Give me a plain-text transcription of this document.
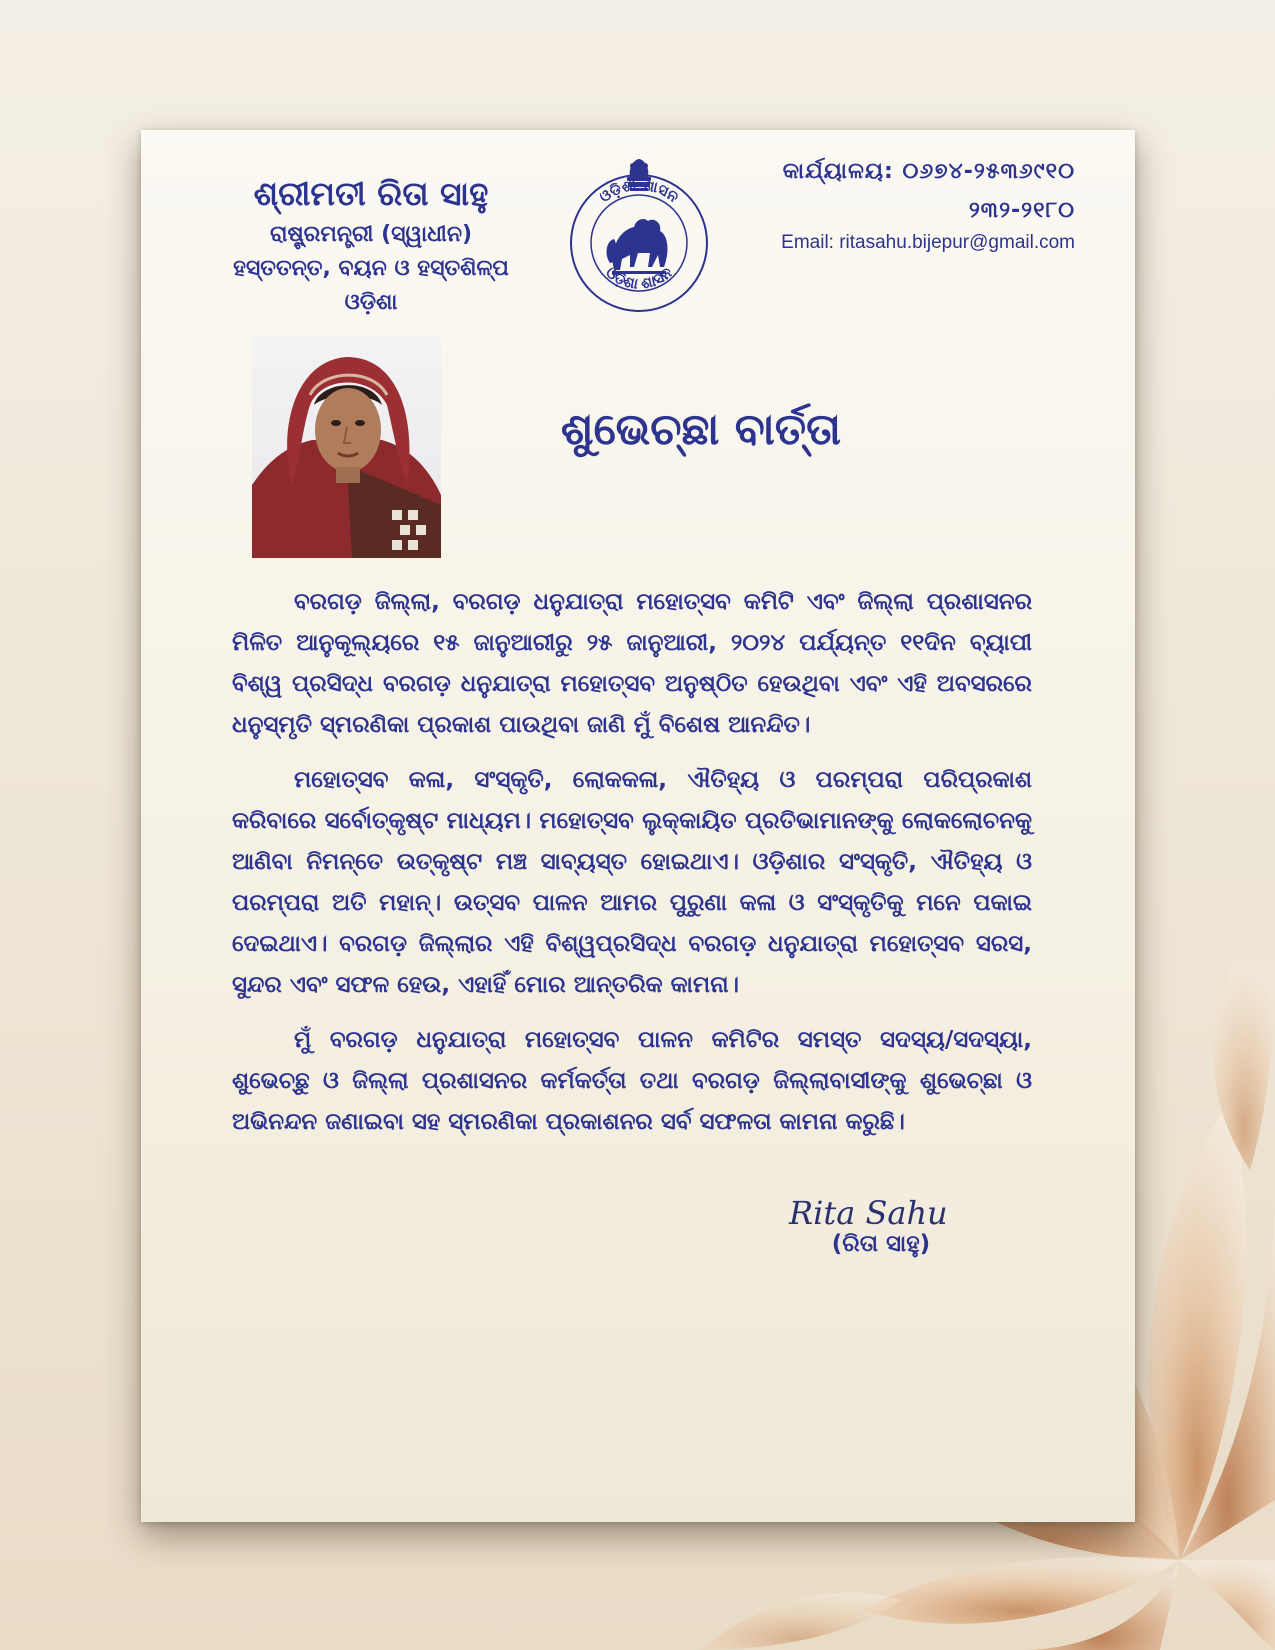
ଶ୍ରୀମତୀ ରିତା ସାହୁ
ରାଷ୍ଟ୍ରମନ୍ତ୍ରୀ (ସ୍ୱାଧୀନ)
ହସ୍ତତନ୍ତ, ବୟନ ଓ ହସ୍ତଶିଳ୍ପ
ଓଡ଼ିଶା
ଓଡ଼ିଶା ଶାସନ
ଓଡ଼ିଶା ଶାସନ
କାର୍ଯ୍ୟାଳୟ: ୦୬୭୪-୨୫୩୬୯୧୦
୨୩୨-୨୧୮୦
Email: ritasahu.bijepur@gmail.com
ଶୁଭେଚ୍ଛା ବାର୍ତ୍ତା

ବରଗଡ଼ ଜିଲ୍ଲା, ବରଗଡ଼ ଧନୁଯାତ୍ରା ମହୋତ୍ସବ କମିଟି ଏବଂ ଜିଲ୍ଲା ପ୍ରଶାସନର ମିଳିତ ଆନୁକୂଲ୍ୟରେ ୧୫ ଜାନୁଆରୀରୁ ୨୫ ଜାନୁଆରୀ, ୨୦୨୪ ପର୍ଯ୍ୟନ୍ତ ୧୧ଦିନ ବ୍ୟାପୀ ବିଶ୍ୱ ପ୍ରସିଦ୍ଧ ବରଗଡ଼ ଧନୁଯାତ୍ରା ମହୋତ୍ସବ ଅନୁଷ୍ଠିତ ହେଉଥିବା ଏବଂ ଏହି ଅବସରରେ ଧନୁସ୍ମୃତି ସ୍ମରଣିକା ପ୍ରକାଶ ପାଉଥିବା ଜାଣି ମୁଁ ବିଶେଷ ଆନନ୍ଦିତ।

ମହୋତ୍ସବ କଳା, ସଂସ୍କୃତି, ଲୋକକଳା, ଐତିହ୍ୟ ଓ ପରମ୍ପରା ପରିପ୍ରକାଶ କରିବାରେ ସର୍ବୋତ୍କୃଷ୍ଟ ମାଧ୍ୟମ। ମହୋତ୍ସବ ଲୁକ୍କାୟିତ ପ୍ରତିଭାମାନଙ୍କୁ ଲୋକଲୋଚନକୁ ଆଣିବା ନିମନ୍ତେ ଉତ୍କୃଷ୍ଟ ମଞ୍ଚ ସାବ୍ୟସ୍ତ ହୋଇଥାଏ। ଓଡ଼ିଶାର ସଂସ୍କୃତି, ଐତିହ୍ୟ ଓ ପରମ୍ପରା ଅତି ମହାନ୍। ଉତ୍ସବ ପାଳନ ଆମର ପୁରୁଣା କଳା ଓ ସଂସ୍କୃତିକୁ ମନେ ପକାଇ ଦେଇଥାଏ। ବରଗଡ଼ ଜିଲ୍ଲାର ଏହି ବିଶ୍ୱପ୍ରସିଦ୍ଧ ବରଗଡ଼ ଧନୁଯାତ୍ରା ମହୋତ୍ସବ ସରସ, ସୁନ୍ଦର ଏବଂ ସଫଳ ହେଉ, ଏହାହିଁ ମୋର ଆନ୍ତରିକ କାମନା।

ମୁଁ ବରଗଡ଼ ଧନୁଯାତ୍ରା ମହୋତ୍ସବ ପାଳନ କମିଟିର ସମସ୍ତ ସଦସ୍ୟ/ସଦସ୍ୟା, ଶୁଭେଚ୍ଛୁ ଓ ଜିଲ୍ଲା ପ୍ରଶାସନର କର୍ମକର୍ତ୍ତା ତଥା ବରଗଡ଼ ଜିଲ୍ଲାବାସୀଙ୍କୁ ଶୁଭେଚ୍ଛା ଓ ଅଭିନନ୍ଦନ ଜଣାଇବା ସହ ସ୍ମରଣିକା ପ୍ରକାଶନର ସର୍ବ ସଫଳତା କାମନା କରୁଛି।

Rita Sahu
(ରିତା ସାହୁ)
